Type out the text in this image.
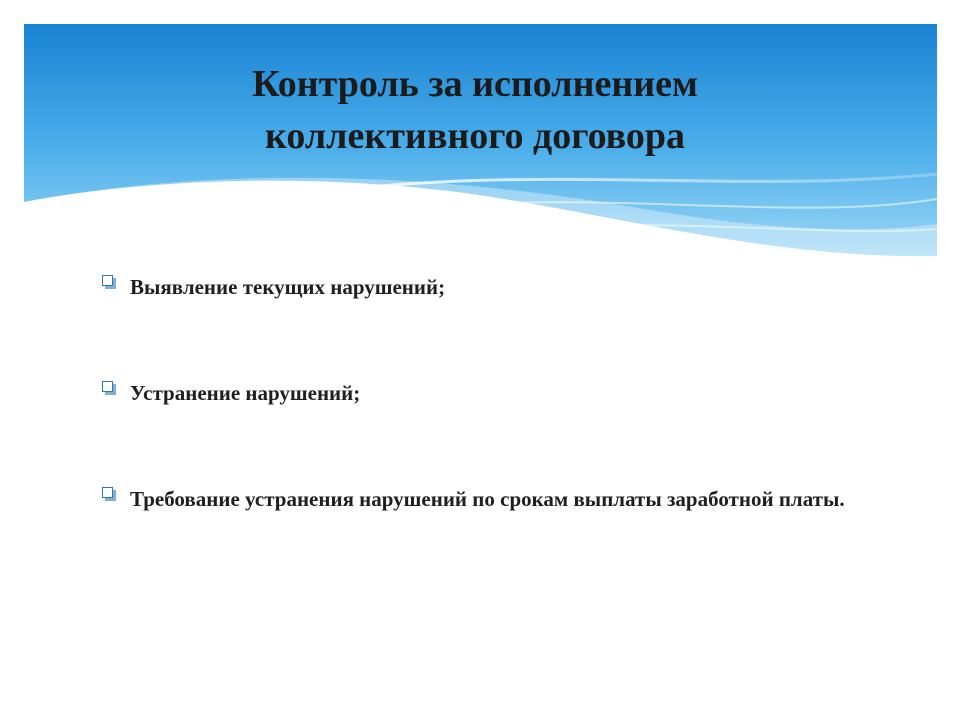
Контроль за исполнением
коллективного договора
Выявление текущих нарушений;
Устранение нарушений;
Требование устранения нарушений по срокам выплаты заработной платы.
